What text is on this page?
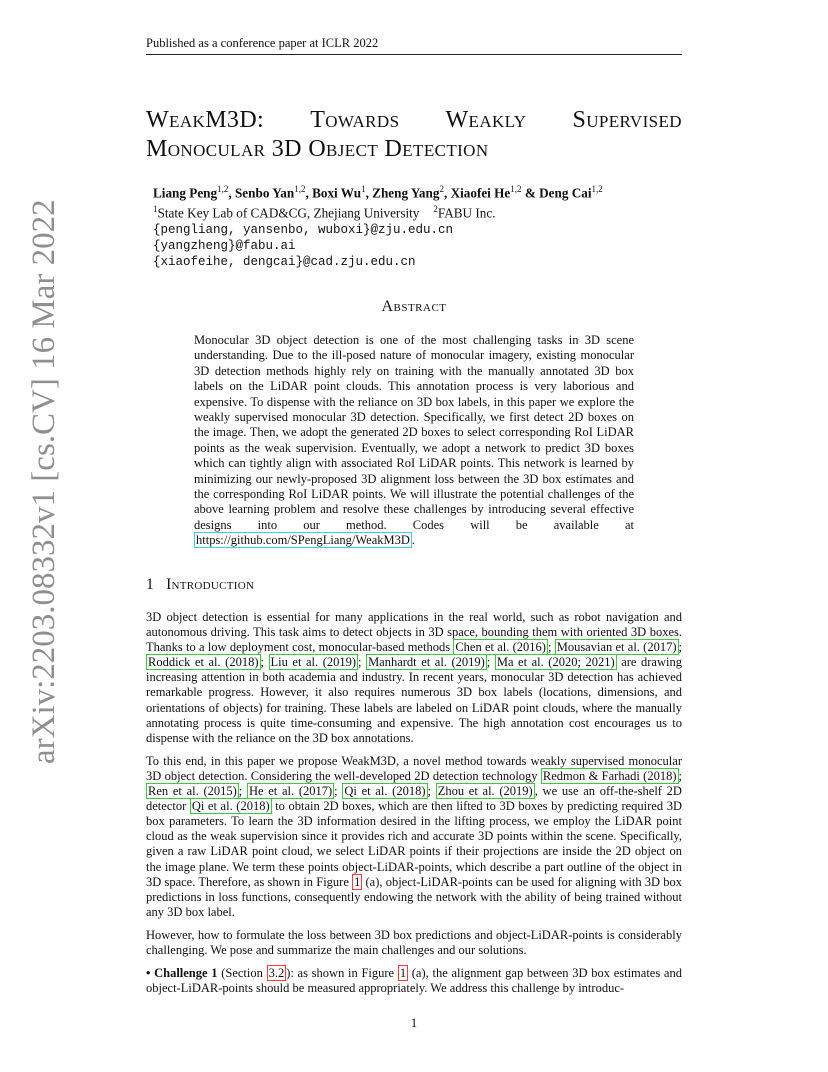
Published as a conference paper at ICLR 2022
arXiv:2203.08332v1 [cs.CV] 16 Mar 2022
WeakM3D: Towards Weakly Supervised
Monocular 3D Object Detection
Liang Peng$^{1,2}$, Senbo Yan$^{1,2}$, Boxi Wu$^1$, Zheng Yang$^2$, Xiaofei He$^{1,2}$ & Deng Cai$^{1,2}$
$^1$State Key Lab of CAD&CG, Zhejiang University $^2$FABU Inc.
{pengliang, yansenbo, wuboxi}@zju.edu.cn
{yangzheng}@fabu.ai
{xiaofeihe, dengcai}@cad.zju.edu.cn
Abstract
Monocular 3D object detection is one of the most challenging tasks in 3D scene understanding. Due to the ill-posed nature of monocular imagery, existing monocular 3D detection methods highly rely on training with the manually annotated 3D box labels on the LiDAR point clouds. This annotation process is very laborious and expensive. To dispense with the reliance on 3D box labels, in this paper we explore the weakly supervised monocular 3D detection. Specifically, we first detect 2D boxes on the image. Then, we adopt the generated 2D boxes to select corresponding RoI LiDAR points as the weak supervision. Eventually, we adopt a network to predict 3D boxes which can tightly align with associated RoI LiDAR points. This network is learned by minimizing our newly-proposed 3D alignment loss between the 3D box estimates and the corresponding RoI LiDAR points. We will illustrate the potential challenges of the above learning problem and resolve these challenges by introducing several effective designs into our method. Codes will be available at https://github.com/SPengLiang/WeakM3D .
1 Introduction

3D object detection is essential for many applications in the real world, such as robot navigation and autonomous driving. This task aims to detect objects in 3D space, bounding them with oriented 3D boxes. Thanks to a low deployment cost, monocular-based methods Chen et al. (2016) ; Mousavian et al. (2017) ; Roddick et al. (2018) ; Liu et al. (2019) ; Manhardt et al. (2019) ; Ma et al. (2020; 2021) are drawing increasing attention in both academia and industry. In recent years, monocular 3D detection has achieved remarkable progress. However, it also requires numerous 3D box labels (locations, dimensions, and orientations of objects) for training. These labels are labeled on LiDAR point clouds, where the manually annotating process is quite time-consuming and expensive. The high annotation cost encourages us to dispense with the reliance on the 3D box annotations.

To this end, in this paper we propose WeakM3D, a novel method towards weakly supervised monocular 3D object detection. Considering the well-developed 2D detection technology Redmon & Farhadi (2018) ; Ren et al. (2015) ; He et al. (2017) ; Qi et al. (2018) ; Zhou et al. (2019) , we use an off-the-shelf 2D detector Qi et al. (2018) to obtain 2D boxes, which are then lifted to 3D boxes by predicting required 3D box parameters. To learn the 3D information desired in the lifting process, we employ the LiDAR point cloud as the weak supervision since it provides rich and accurate 3D points within the scene. Specifically, given a raw LiDAR point cloud, we select LiDAR points if their projections are inside the 2D object on the image plane. We term these points object-LiDAR-points, which describe a part outline of the object in 3D space. Therefore, as shown in Figure 1 (a), object-LiDAR-points can be used for aligning with 3D box predictions in loss functions, consequently endowing the network with the ability of being trained without any 3D box label.

However, how to formulate the loss between 3D box predictions and object-LiDAR-points is considerably challenging. We pose and summarize the main challenges and our solutions.

• Challenge 1 (Section 3.2 ): as shown in Figure 1 (a), the alignment gap between 3D box estimates and object-LiDAR-points should be measured appropriately. We address this challenge by introduc-

1
